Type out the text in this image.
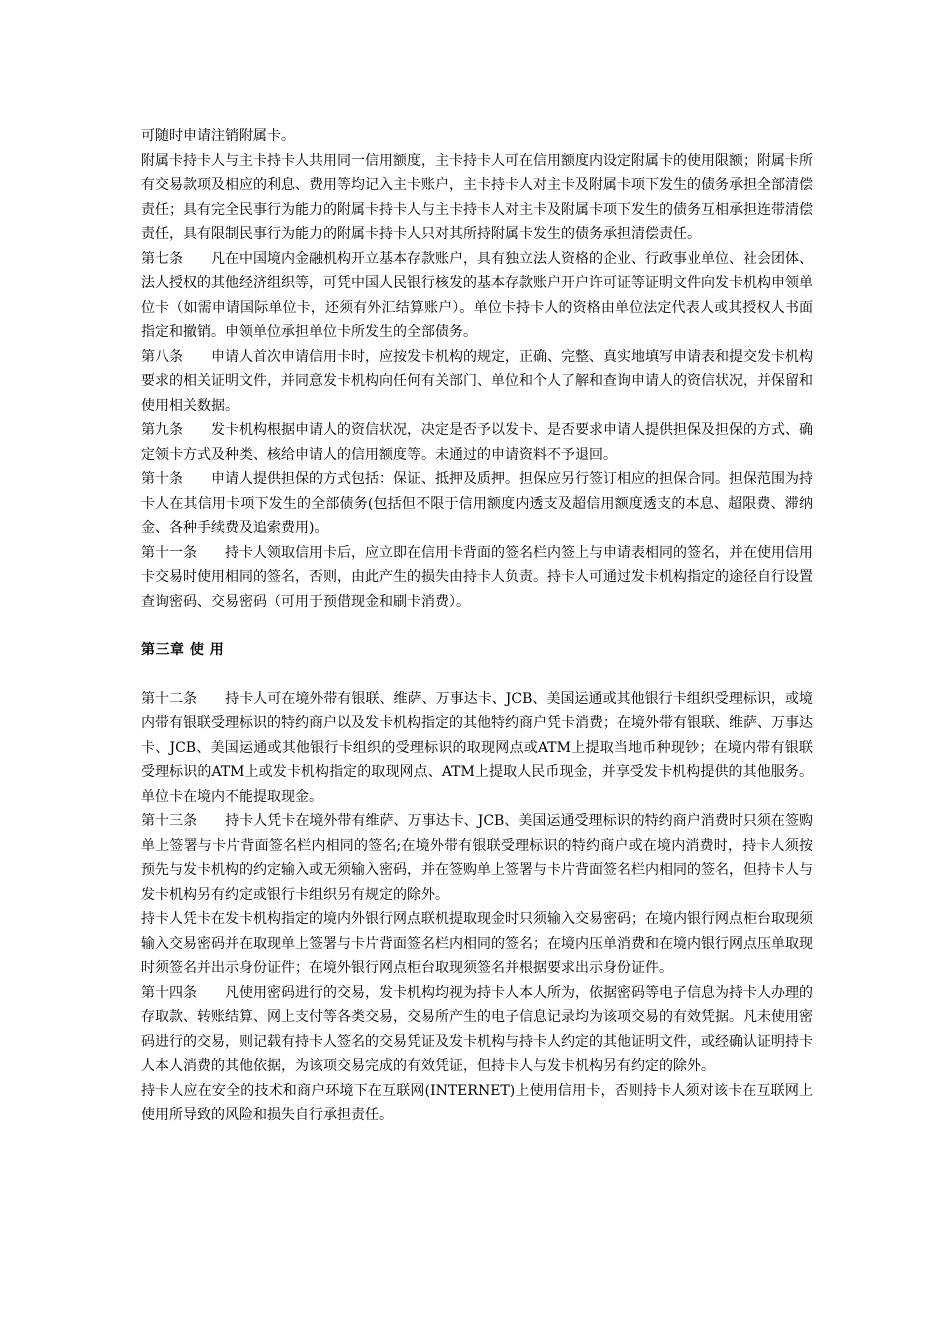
可随时申请注销附属卡。

附属卡持卡人与主卡持卡人共用同一信用额度，主卡持卡人可在信用额度内设定附属卡的使用限额；附属卡所有交易款项及相应的利息、费用等均记入主卡账户，主卡持卡人对主卡及附属卡项下发生的债务承担全部清偿责任；具有完全民事行为能力的附属卡持卡人与主卡持卡人对主卡及附属卡项下发生的债务互相承担连带清偿责任，具有限制民事行为能力的附属卡持卡人只对其所持附属卡发生的债务承担清偿责任。

第七条　　凡在中国境内金融机构开立基本存款账户，具有独立法人资格的企业、行政事业单位、社会团体、法人授权的其他经济组织等，可凭中国人民银行核发的基本存款账户开户许可证等证明文件向发卡机构申领单位卡（如需申请国际单位卡，还须有外汇结算账户）。单位卡持卡人的资格由单位法定代表人或其授权人书面指定和撤销。申领单位承担单位卡所发生的全部债务。

第八条　　申请人首次申请信用卡时，应按发卡机构的规定，正确、完整、真实地填写申请表和提交发卡机构要求的相关证明文件，并同意发卡机构向任何有关部门、单位和个人了解和查询申请人的资信状况，并保留和使用相关数据。

第九条　　发卡机构根据申请人的资信状况，决定是否予以发卡、是否要求申请人提供担保及担保的方式、确定领卡方式及种类、核给申请人的信用额度等。未通过的申请资料不予退回。

第十条　　申请人提供担保的方式包括：保证、抵押及质押。担保应另行签订相应的担保合同。担保范围为持卡人在其信用卡项下发生的全部债务(包括但不限于信用额度内透支及超信用额度透支的本息、超限费、滞纳金、各种手续费及追索费用)。

第十一条　　持卡人领取信用卡后，应立即在信用卡背面的签名栏内签上与申请表相同的签名，并在使用信用卡交易时使用相同的签名，否则，由此产生的损失由持卡人负责。持卡人可通过发卡机构指定的途径自行设置查询密码、交易密码（可用于预借现金和刷卡消费）。

第三章 使 用

第十二条　　持卡人可在境外带有银联、维萨、万事达卡、JCB、美国运通或其他银行卡组织受理标识，或境内带有银联受理标识的特约商户以及发卡机构指定的其他特约商户凭卡消费；在境外带有银联、维萨、万事达卡、JCB、美国运通或其他银行卡组织的受理标识的取现网点或ATM上提取当地币种现钞；在境内带有银联受理标识的ATM上或发卡机构指定的取现网点、ATM上提取人民币现金，并享受发卡机构提供的其他服务。单位卡在境内不能提取现金。

第十三条　　持卡人凭卡在境外带有维萨、万事达卡、JCB、美国运通受理标识的特约商户消费时只须在签购单上签署与卡片背面签名栏内相同的签名;在境外带有银联受理标识的特约商户或在境内消费时，持卡人须按预先与发卡机构的约定输入或无须输入密码，并在签购单上签署与卡片背面签名栏内相同的签名，但持卡人与发卡机构另有约定或银行卡组织另有规定的除外。

持卡人凭卡在发卡机构指定的境内外银行网点联机提取现金时只须输入交易密码；在境内银行网点柜台取现须输入交易密码并在取现单上签署与卡片背面签名栏内相同的签名；在境内压单消费和在境内银行网点压单取现时须签名并出示身份证件；在境外银行网点柜台取现须签名并根据要求出示身份证件。

第十四条　　凡使用密码进行的交易，发卡机构均视为持卡人本人所为，依据密码等电子信息为持卡人办理的存取款、转账结算、网上支付等各类交易，交易所产生的电子信息记录均为该项交易的有效凭据。凡未使用密码进行的交易，则记载有持卡人签名的交易凭证及发卡机构与持卡人约定的其他证明文件，或经确认证明持卡人本人消费的其他依据，为该项交易完成的有效凭证，但持卡人与发卡机构另有约定的除外。

持卡人应在安全的技术和商户环境下在互联网(INTERNET)上使用信用卡，否则持卡人须对该卡在互联网上使用所导致的风险和损失自行承担责任。
